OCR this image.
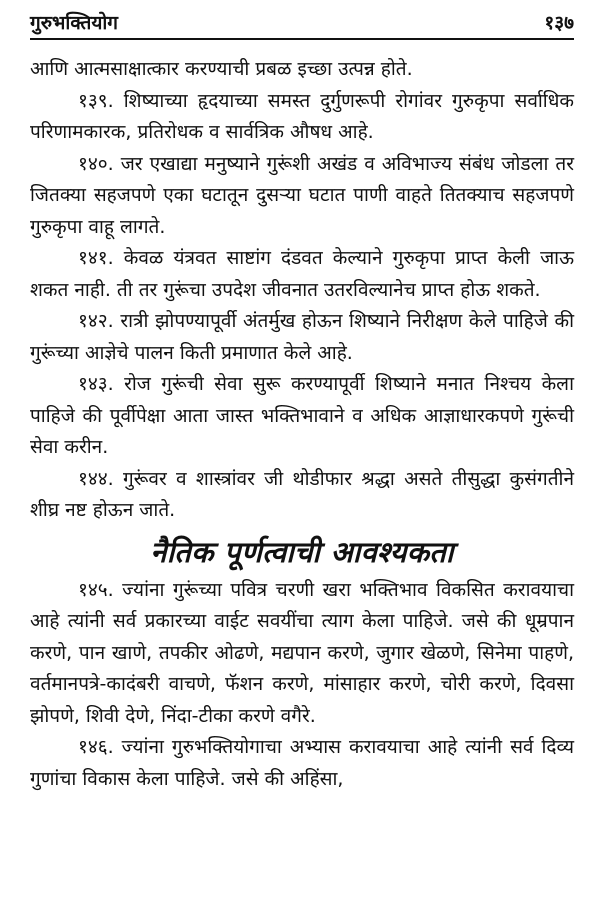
गुरुभक्तियोग	१३७

आणि आत्मसाक्षात्कार करण्याची प्रबळ इच्छा उत्पन्न होते.

१३९. शिष्याच्या हृदयाच्या समस्त दुर्गुणरूपी रोगांवर गुरुकृपा सर्वाधिक परिणामकारक, प्रतिरोधक व सार्वत्रिक औषध आहे.

१४०. जर एखाद्या मनुष्याने गुरूंशी अखंड व अविभाज्य संबंध जोडला तर जितक्या सहजपणे एका घटातून दुसऱ्या घटात पाणी वाहते तितक्याच सहजपणे गुरुकृपा वाहू लागते.

१४१. केवळ यंत्रवत साष्टांग दंडवत केल्याने गुरुकृपा प्राप्त केली जाऊ शकत नाही. ती तर गुरूंचा उपदेश जीवनात उतरविल्यानेच प्राप्त होऊ शकते.

१४२. रात्री झोपण्यापूर्वी अंतर्मुख होऊन शिष्याने निरीक्षण केले पाहिजे की गुरूंच्या आज्ञेचे पालन किती प्रमाणात केले आहे.

१४३. रोज गुरूंची सेवा सुरू करण्यापूर्वी शिष्याने मनात निश्चय केला पाहिजे की पूर्वीपेक्षा आता जास्त भक्तिभावाने व अधिक आज्ञाधारकपणे गुरूंची सेवा करीन.

१४४. गुरूंवर व शास्त्रांवर जी थोडीफार श्रद्धा असते तीसुद्धा कुसंगतीने शीघ्र नष्ट होऊन जाते.

नैतिक पूर्णत्वाची आवश्यकता

१४५. ज्यांना गुरूंच्या पवित्र चरणी खरा भक्तिभाव विकसित करावयाचा आहे त्यांनी सर्व प्रकारच्या वाईट सवयींचा त्याग केला पाहिजे. जसे की धूम्रपान करणे, पान खाणे, तपकीर ओढणे, मद्यपान करणे, जुगार खेळणे, सिनेमा पाहणे, वर्तमानपत्रे-कादंबरी वाचणे, फॅशन करणे, मांसाहार करणे, चोरी करणे, दिवसा झोपणे, शिवी देणे, निंदा-टीका करणे वगैरे.

१४६. ज्यांना गुरुभक्तियोगाचा अभ्यास करावयाचा आहे त्यांनी सर्व दिव्य गुणांचा विकास केला पाहिजे. जसे की अहिंसा,
